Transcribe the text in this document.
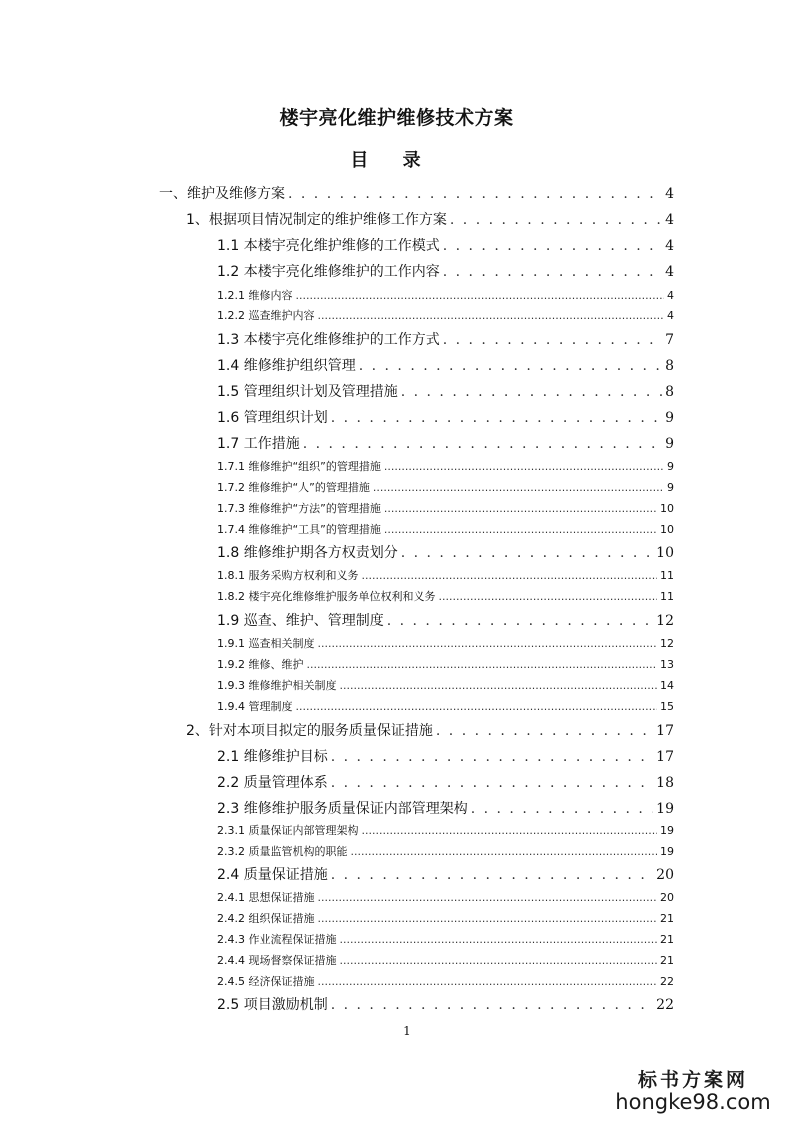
楼宇亮化维护维修技术方案
目 录
一、维护及维修方案 . . .	4
1、根据项目情况制定的维护维修工作方案 . . .	4
1.1 本楼宇亮化维护维修的工作模式 . . .	4
1.2 本楼宇亮化维修维护的工作内容 . . .	4
1.2.1 维修内容 .....	4
1.2.2 巡查维护内容 .....	4
1.3 本楼宇亮化维修维护的工作方式 . . .	7
1.4 维修维护组织管理 . . .	8
1.5 管理组织计划及管理措施 . . .	8
1.6 管理组织计划 . . .	9
1.7 工作措施 . . .	9
1.7.1 维修维护“组织”的管理措施 .....	9
1.7.2 维修维护“人”的管理措施 .....	9
1.7.3 维修维护“方法”的管理措施 .....	10
1.7.4 维修维护“工具”的管理措施 .....	10
1.8 维修维护期各方权责划分 . . .	10
1.8.1 服务采购方权利和义务 .....	11
1.8.2 楼宇亮化维修维护服务单位权利和义务 .....	11
1.9 巡查、维护、管理制度 . . .	12
1.9.1 巡查相关制度 .....	12
1.9.2 维修、维护 .....	13
1.9.3 维修维护相关制度 .....	14
1.9.4 管理制度 .....	15
2、针对本项目拟定的服务质量保证措施 . . .	17
2.1 维修维护目标 . . .	17
2.2 质量管理体系 . . .	18
2.3 维修维护服务质量保证内部管理架构 . . .	19
2.3.1 质量保证内部管理架构 .....	19
2.3.2 质量监管机构的职能 .....	19
2.4 质量保证措施 . . .	20
2.4.1 思想保证措施 .....	20
2.4.2 组织保证措施 .....	21
2.4.3 作业流程保证措施 .....	21
2.4.4 现场督察保证措施 .....	21
2.4.5 经济保证措施 .....	22
2.5 项目激励机制 . . .	22
1
标书方案网
hongke98.com
